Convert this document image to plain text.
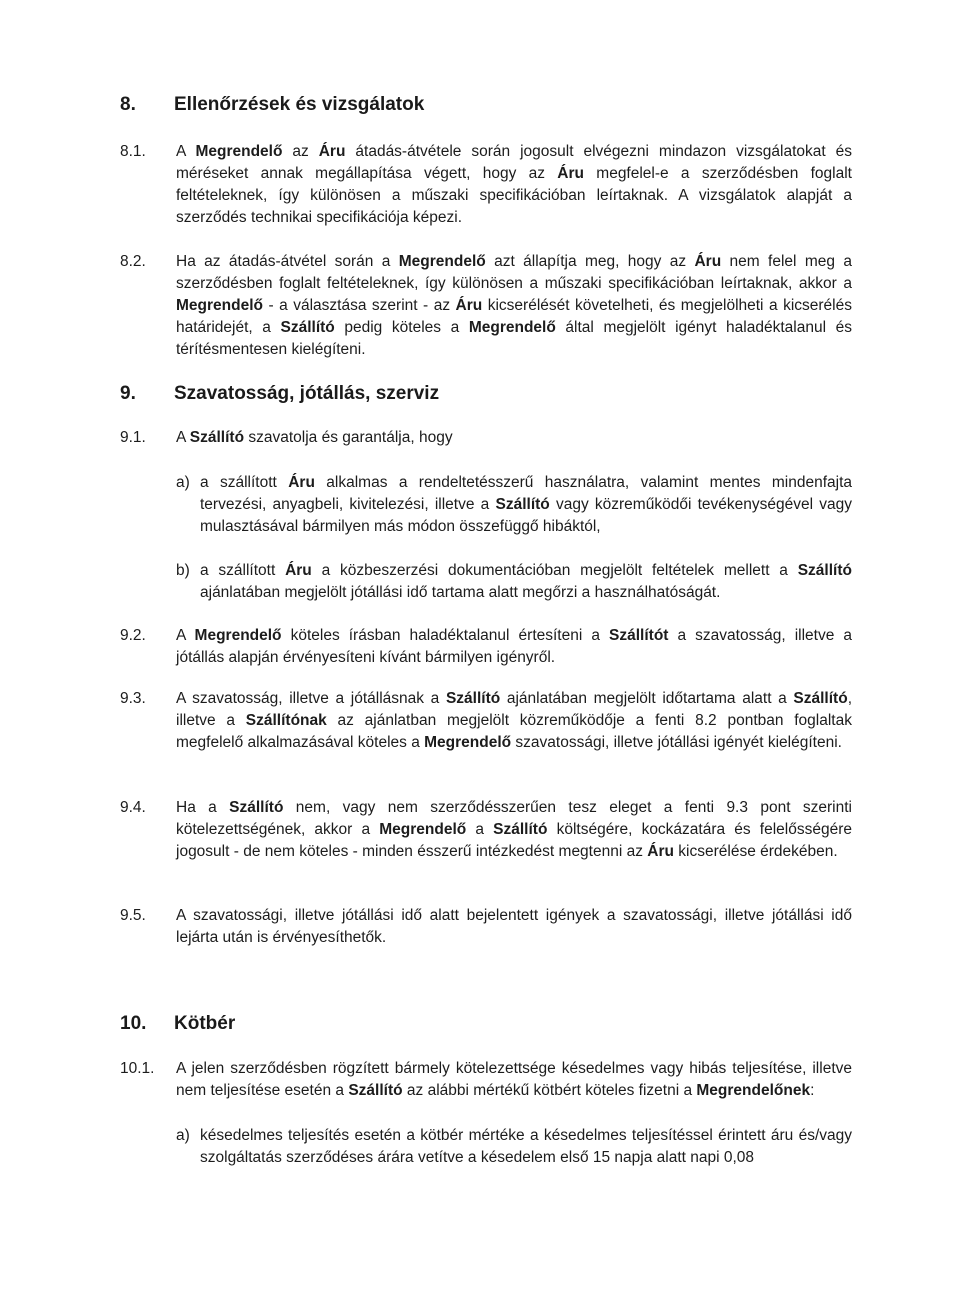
8.	Ellenőrzések és vizsgálatok
8.1.	A Megrendelő az Áru átadás-átvétele során jogosult elvégezni mindazon vizsgálatokat és méréseket annak megállapítása végett, hogy az Áru megfelel-e a szerződésben foglalt feltételeknek, így különösen a műszaki specifikációban leírtaknak. A vizsgálatok alapját a szerződés technikai specifikációja képezi.
8.2.	Ha az átadás-átvétel során a Megrendelő azt állapítja meg, hogy az Áru nem felel meg a szerződésben foglalt feltételeknek, így különösen a műszaki specifikációban leírtaknak, akkor a Megrendelő - a választása szerint - az Áru kicserélését követelheti, és megjelölheti a kicserélés határidejét, a Szállító pedig köteles a Megrendelő által megjelölt igényt haladéktalanul és térítésmentesen kielégíteni.
9.	Szavatosság, jótállás, szerviz
9.1.	A Szállító szavatolja és garantálja, hogy
a) a szállított Áru alkalmas a rendeltetésszerű használatra, valamint mentes mindenfajta tervezési, anyagbeli, kivitelezési, illetve a Szállító vagy közreműködői tevékenységével vagy mulasztásával bármilyen más módon összefüggő hibáktól,
b) a szállított Áru a közbeszerzési dokumentációban megjelölt feltételek mellett a Szállító ajánlatában megjelölt jótállási idő tartama alatt megőrzi a használhatóságát.
9.2.	A Megrendelő köteles írásban haladéktalanul értesíteni a Szállítót a szavatosság, illetve a jótállás alapján érvényesíteni kívánt bármilyen igényről.
9.3.	A szavatosság, illetve a jótállásnak a Szállító ajánlatában megjelölt időtartama alatt a Szállító, illetve a Szállítónak az ajánlatban megjelölt közreműködője a fenti 8.2 pontban foglaltak megfelelő alkalmazásával köteles a Megrendelő szavatossági, illetve jótállási igényét kielégíteni.
9.4.	Ha a Szállító nem, vagy nem szerződésszerűen tesz eleget a fenti 9.3 pont szerinti kötelezettségének, akkor a Megrendelő a Szállító költségére, kockázatára és felelősségére jogosult - de nem köteles - minden ésszerű intézkedést megtenni az Áru kicserélése érdekében.
9.5.	A szavatossági, illetve jótállási idő alatt bejelentett igények a szavatossági, illetve jótállási idő lejárta után is érvényesíthetők.
10.	Kötbér
10.1.	A jelen szerződésben rögzített bármely kötelezettsége késedelmes vagy hibás teljesítése, illetve nem teljesítése esetén a Szállító az alábbi mértékű kötbért köteles fizetni a Megrendelőnek:
a) késedelmes teljesítés esetén a kötbér mértéke a késedelmes teljesítéssel érintett áru és/vagy szolgáltatás szerződéses árára vetítve a késedelem első 15 napja alatt napi 0,08
